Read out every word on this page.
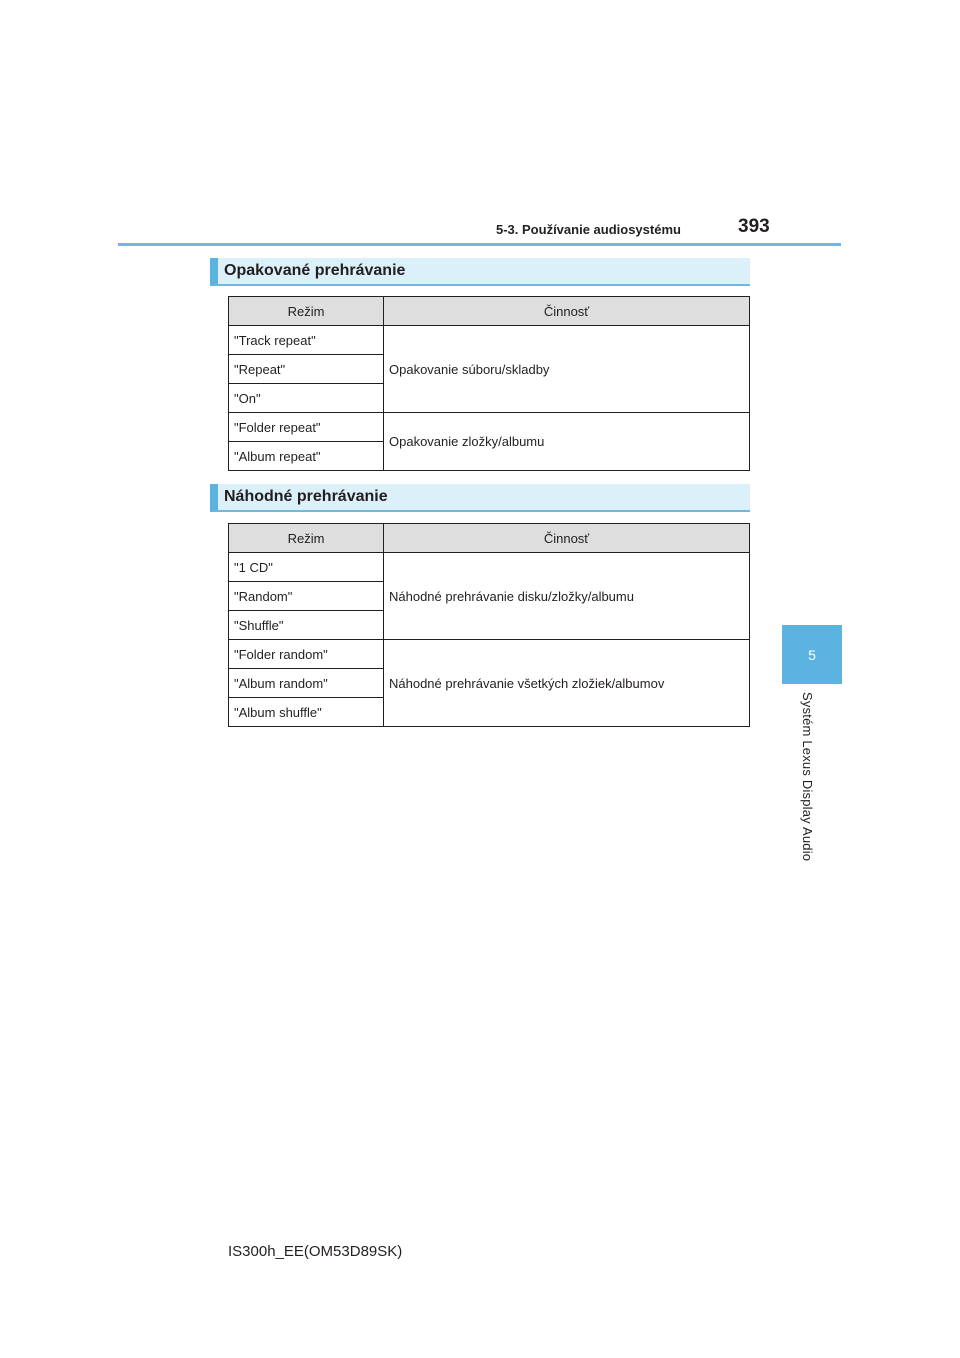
5-3. Používanie audiosystému	393
5
Systém Lexus Display Audio
Opakované prehrávanie
Režim	Činnosť
"Track repeat"	Opakovanie súboru/skladby
"Repeat"	
"On"	
"Folder repeat"	Opakovanie zložky/albumu
"Album repeat"	
Náhodné prehrávanie
Režim	Činnosť
"1 CD"	Náhodné prehrávanie disku/zložky/albumu
"Random"	
"Shuffle"	
"Folder random"	Náhodné prehrávanie všetkých zložiek/albumov
"Album random"	
"Album shuffle"	
IS300h_EE(OM53D89SK)
